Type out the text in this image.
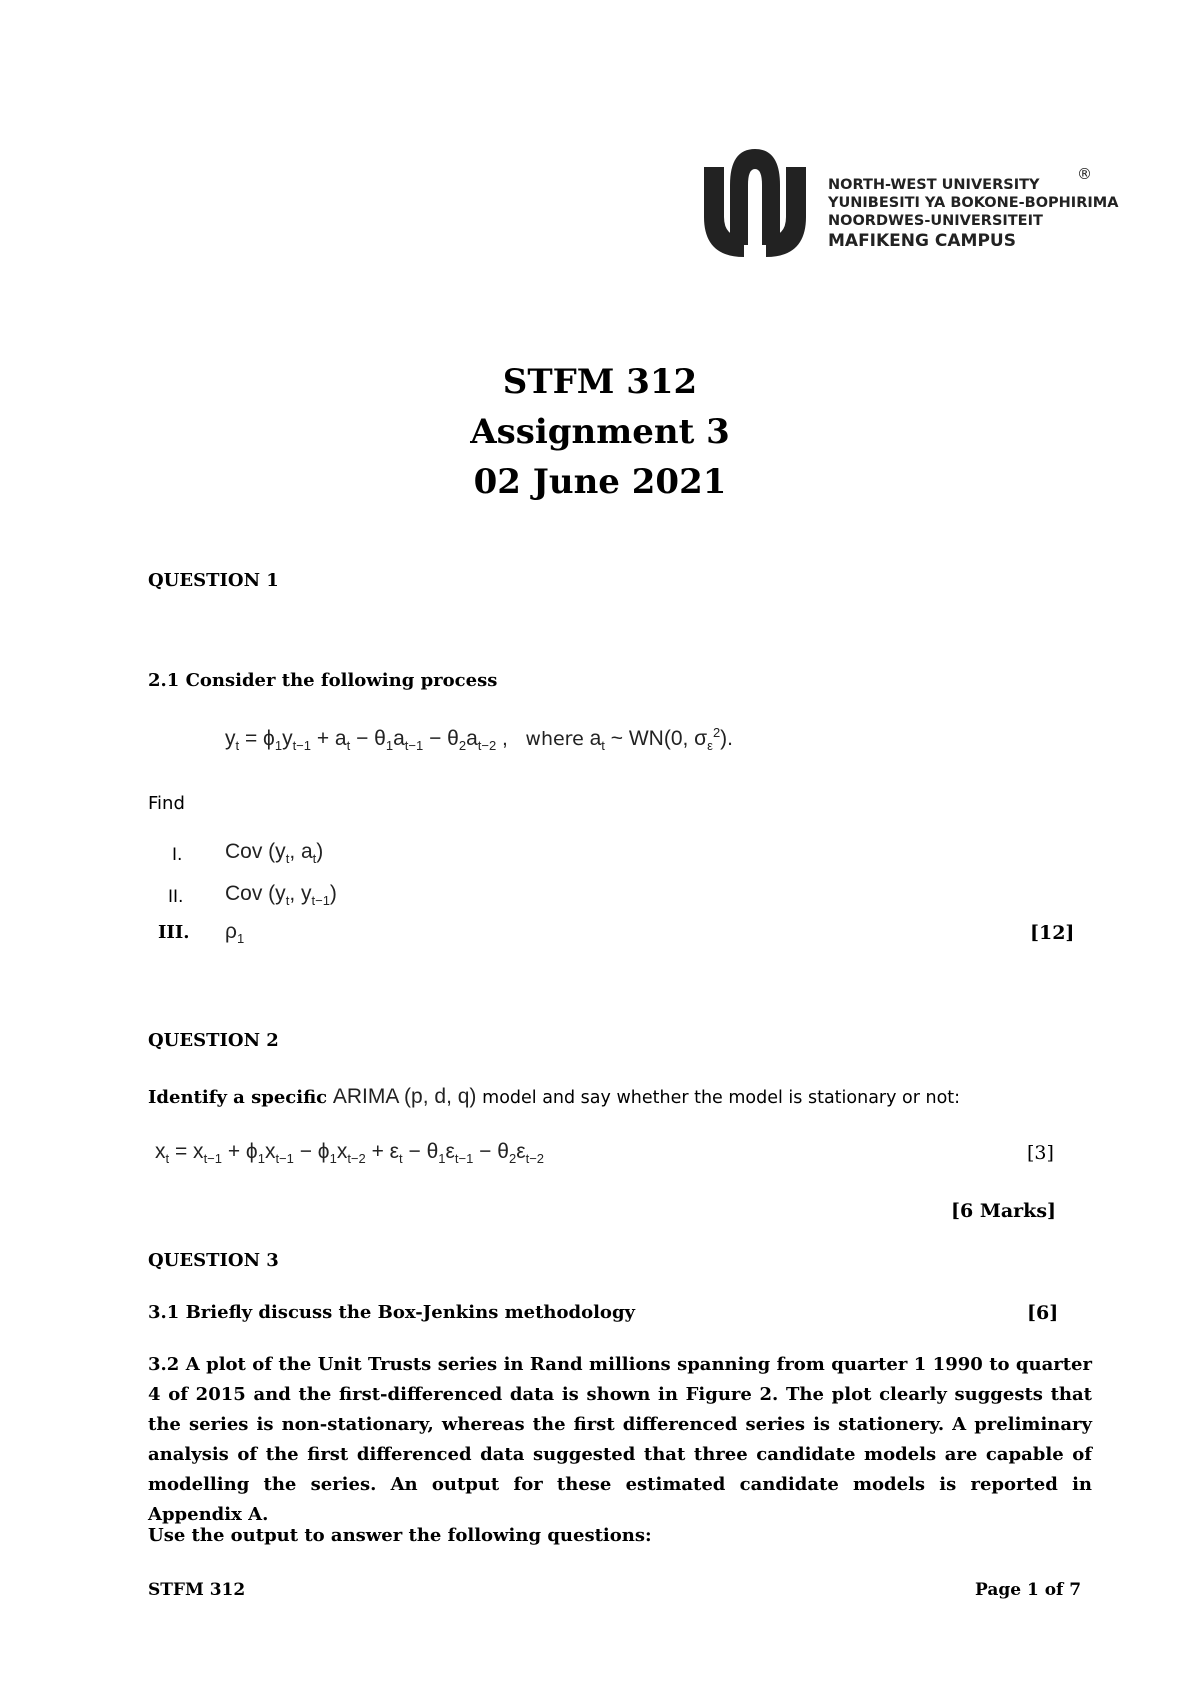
NORTH-WEST UNIVERSITY
YUNIBESITI YA BOKONE-BOPHIRIMA
NOORDWES-UNIVERSITEIT
MAFIKENG CAMPUS
®
STFM 312
Assignment 3
02 June 2021
QUESTION 1
2.1 Consider the following process
$y_t = \phi_1y_{t-1} + a_t - \theta_1a_{t-1} - \theta_2a_{t-2}$ ,   where $a_t$ ~ WN(0, $\sigma_\varepsilon^2$).
Find
I. Cov ($y_t$, $a_t$)
II. Cov ($y_t$, $y_{t-1}$)
III. $\rho_1$	[12]
QUESTION 2
Identify a specific ARIMA (p, d, q) model and say whether the model is stationary or not:
$x_t = x_{t-1} + \phi_1x_{t-1} - \phi_1x_{t-2} + \varepsilon_t - \theta_1\varepsilon_{t-1} - \theta_2\varepsilon_{t-2}$	[3]
[6 Marks]
QUESTION 3
3.1 Briefly discuss the Box-Jenkins methodology	[6]
3.2 A plot of the Unit Trusts series in Rand millions spanning from quarter 1 1990 to quarter 4 of 2015 and the first-differenced data is shown in Figure 2. The plot clearly suggests that the series is non-stationary, whereas the first differenced series is stationery. A preliminary analysis of the first differenced data suggested that three candidate models are capable of modelling the series. An output for these estimated candidate models is reported in Appendix A.
Use the output to answer the following questions:
STFM 312	Page 1 of 7
